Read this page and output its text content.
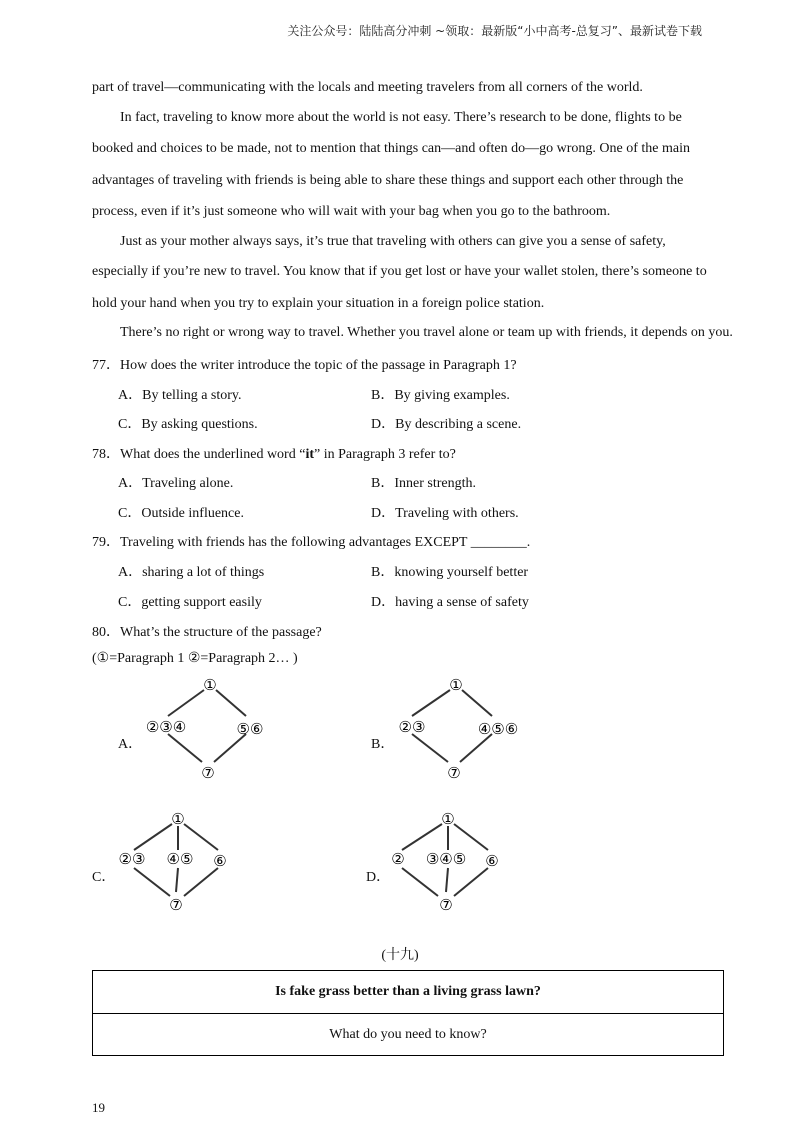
关注公众号：陆陆高分冲刺 ~领取：最新版“小中高考-总复习”、最新试卷下载
part of travel—communicating with the locals and meeting travelers from all corners of the world.
In fact, traveling to know more about the world is not easy. There’s research to be done, flights to be
booked and choices to be made, not to mention that things can—and often do—go wrong. One of the main
advantages of traveling with friends is being able to share these things and support each other through the
process, even if it’s just someone who will wait with your bag when you go to the bathroom.
Just as your mother always says, it’s true that traveling with others can give you a sense of safety,
especially if you’re new to travel. You know that if you get lost or have your wallet stolen, there’s someone to
hold your hand when you try to explain your situation in a foreign police station.
There’s no right or wrong way to travel. Whether you travel alone or team up with friends, it depends on you.
77．How does the writer introduce the topic of the passage in Paragraph 1?
A．By telling a story.	B．By giving examples.
C．By asking questions.	D．By describing a scene.
78．What does the underlined word “it” in Paragraph 3 refer to?
A．Traveling alone.	B．Inner strength.
C．Outside influence.	D．Traveling with others.
79．Traveling with friends has the following advantages EXCEPT ________.
A．sharing a lot of things	B．knowing yourself better
C．getting support easily	D．having a sense of safety
80．What’s the structure of the passage?
(①=Paragraph 1 ②=Paragraph 2… )
A．	B．
C．	D．
①
②③④	⑤⑥
⑦
①
②③	④⑤⑥
⑦
①
②③ ④⑤ ⑥
⑦
①
② ③④⑤ ⑥
⑦
(十九)
Is fake grass better than a living grass lawn?
What do you need to know?
19
